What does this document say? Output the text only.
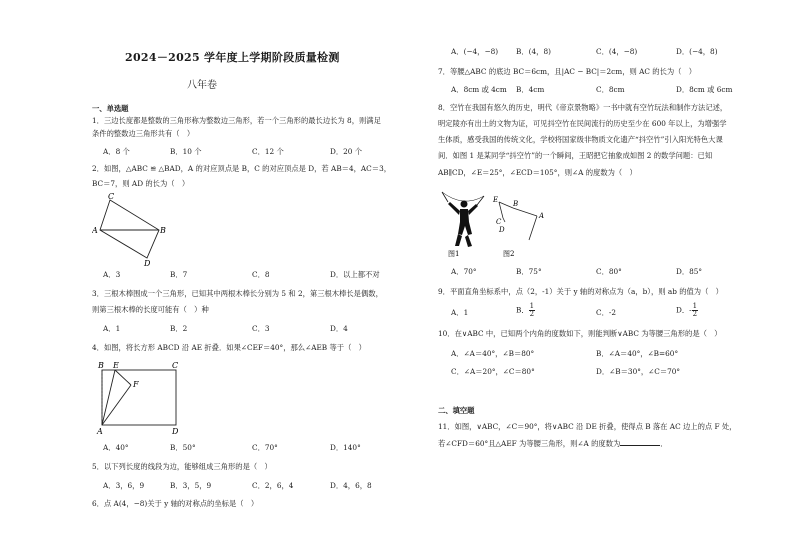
2024－2025 学年度上学期阶段质量检测
八年卷
一、单选题
1．三边长度都是整数的三角形称为整数边三角形，若一个三角形的最长边长为 8，则满足
条件的整数边三角形共有（　）
A．8 个	B．10 个	C．12 个	D．20 个
2．如图，△ABC ≌ △BAD，A 的对应顶点是 B，C 的对应顶点是 D，若 AB＝4，AC＝3，
BC＝7，则 AD 的长为（　）
C
A	B
D
A．3	B．7	C．8	D．以上都不对
3．三根木棒围成一个三角形，已知其中两根木棒长分别为 5 和 2，第三根木棒长是偶数，
则第三根木棒的长度可能有（　）种
A．1	B．2	C．3	D．4
4．如图，将长方形 ABCD 沿 AE 折叠．如果∠CEF＝40°，那么∠AEB 等于（　）
B E	C
F
A	D
A．40°	B．50°	C．70°	D．140°
5．以下列长度的线段为边，能够组成三角形的是（　）
A．3，6，9	B．3，5，9	C．2，6，4	D．4，6，8
6．点 A(4，−8)关于 y 轴的对称点的坐标是（　）
A．(−4，−8) B．(4，8)	C．(4，−8)	D．(−4，8)
7．等腰△ABC 的底边 BC＝6cm，且|AC − BC|＝2cm，则 AC 的长为（　）
A．8cm 或 4cm B．4cm	C．8cm	D．8cm 或 6cm
8．空竹在我国有悠久的历史，明代《帝京景物略》一书中就有空竹玩法和制作方法记述，
明定陵亦有出土的文物为证，可见抖空竹在民间流行的历史至少在 600 年以上，为增强学
生体质，感受我国的传统文化，学校将国家级非物质文化遗产“抖空竹”引入阳光特色大课
间．如图 1 是某同学“抖空竹”的一个瞬间，王昭把它抽象成如图 2 的数学问题：已知
AB∥CD，∠E＝25°，∠ECD＝105°，则∠A 的度数为（　）
图1
E B
A
C
D
图2
A．70°	B．75°	C．80°	D．85°
9．平面直角坐标系中，点（2，-1）关于 y 轴的对称点为（a，b），则 ab 的值为（　）
A．1	B． $\frac{1}{2}$	C．-2	D．- $\frac{1}{2}$
10．在∨ABC 中，已知两个内角的度数如下，则能判断∨ABC 为等腰三角形的是（　）
A．∠A＝40°，∠B＝80°	B．∠A＝40°，∠B=60°
C．∠A＝20°，∠C＝80°	D．∠B＝30°，∠C＝70°
二、填空题
11．如图，∨ABC，∠C＝90°，将∨ABC 沿 DE 折叠，使得点 B 落在 AC 边上的点 F 处，
若∠CFD＝60°且△AEF 为等腰三角形，则∠A 的度数为	．
